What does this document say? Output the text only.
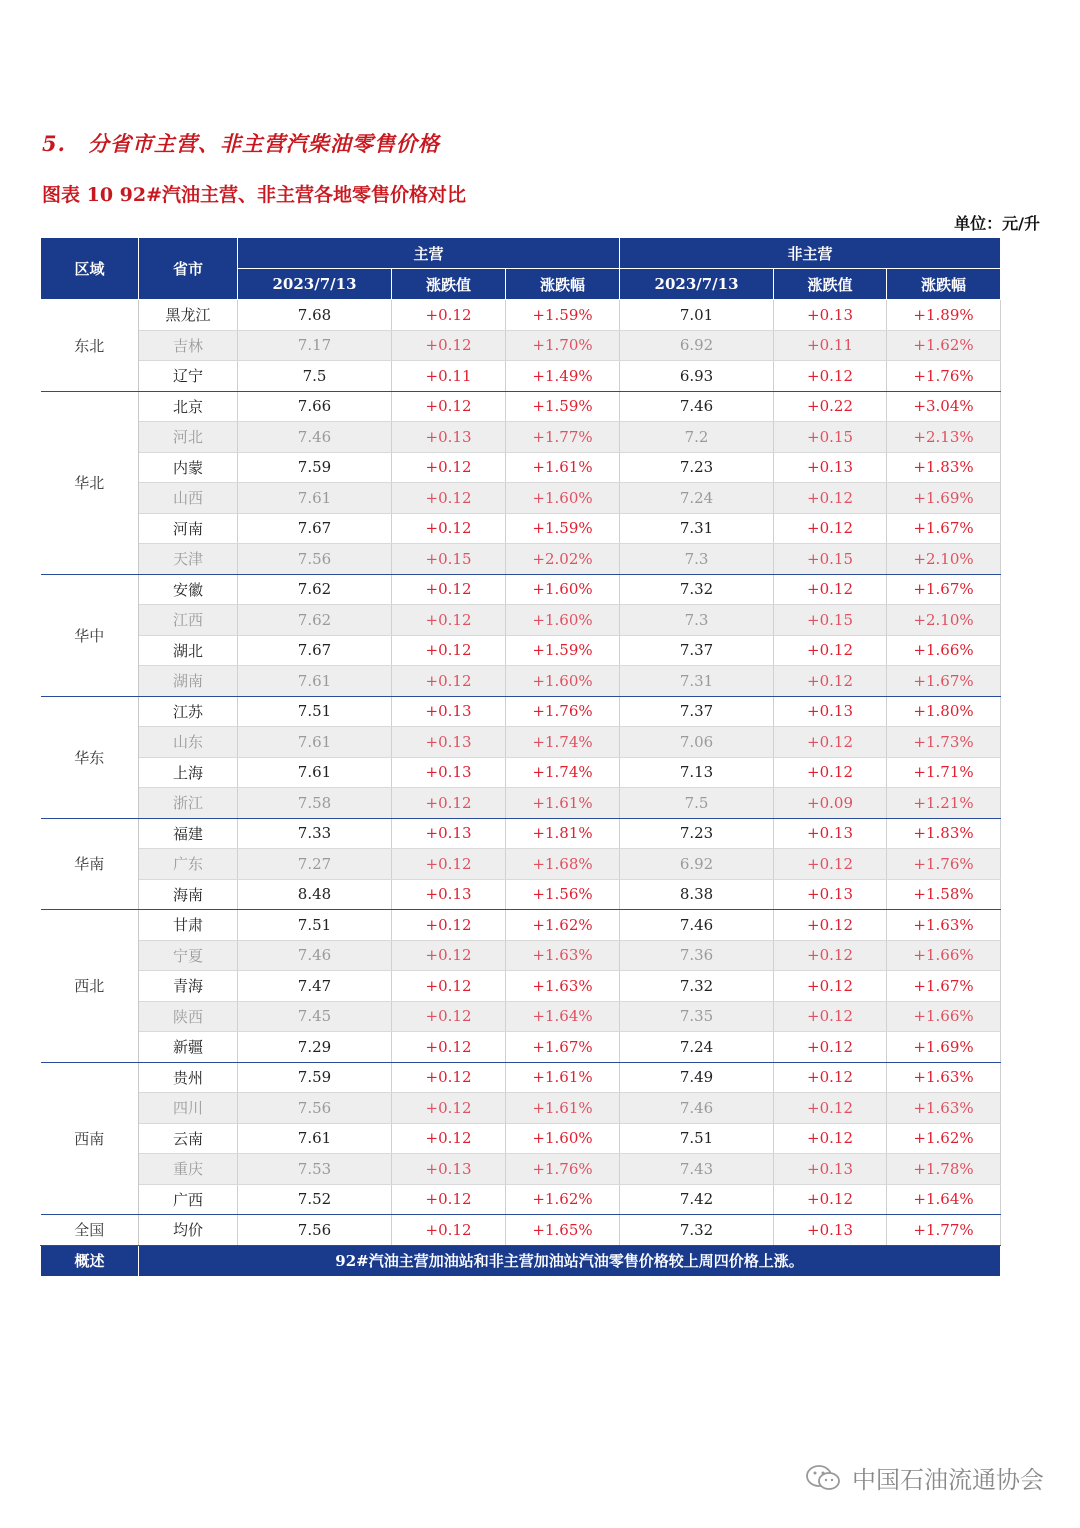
5. 分省市主营、非主营汽柴油零售价格
图表 10 92#汽油主营、非主营各地零售价格对比
单位：元/升
区域	省市	主营			非主营		
		2023/7/13	涨跌值	涨跌幅	2023/7/13	涨跌值	涨跌幅
东北	黑龙江	7.68	+0.12	+1.59%	7.01	+0.13	+1.89%
	吉林	7.17	+0.12	+1.70%	6.92	+0.11	+1.62%
	辽宁	7.5	+0.11	+1.49%	6.93	+0.12	+1.76%
华北	北京	7.66	+0.12	+1.59%	7.46	+0.22	+3.04%
	河北	7.46	+0.13	+1.77%	7.2	+0.15	+2.13%
	内蒙	7.59	+0.12	+1.61%	7.23	+0.13	+1.83%
	山西	7.61	+0.12	+1.60%	7.24	+0.12	+1.69%
	河南	7.67	+0.12	+1.59%	7.31	+0.12	+1.67%
	天津	7.56	+0.15	+2.02%	7.3	+0.15	+2.10%
华中	安徽	7.62	+0.12	+1.60%	7.32	+0.12	+1.67%
	江西	7.62	+0.12	+1.60%	7.3	+0.15	+2.10%
	湖北	7.67	+0.12	+1.59%	7.37	+0.12	+1.66%
	湖南	7.61	+0.12	+1.60%	7.31	+0.12	+1.67%
华东	江苏	7.51	+0.13	+1.76%	7.37	+0.13	+1.80%
	山东	7.61	+0.13	+1.74%	7.06	+0.12	+1.73%
	上海	7.61	+0.13	+1.74%	7.13	+0.12	+1.71%
	浙江	7.58	+0.12	+1.61%	7.5	+0.09	+1.21%
华南	福建	7.33	+0.13	+1.81%	7.23	+0.13	+1.83%
	广东	7.27	+0.12	+1.68%	6.92	+0.12	+1.76%
	海南	8.48	+0.13	+1.56%	8.38	+0.13	+1.58%
西北	甘肃	7.51	+0.12	+1.62%	7.46	+0.12	+1.63%
	宁夏	7.46	+0.12	+1.63%	7.36	+0.12	+1.66%
	青海	7.47	+0.12	+1.63%	7.32	+0.12	+1.67%
	陕西	7.45	+0.12	+1.64%	7.35	+0.12	+1.66%
	新疆	7.29	+0.12	+1.67%	7.24	+0.12	+1.69%
西南	贵州	7.59	+0.12	+1.61%	7.49	+0.12	+1.63%
	四川	7.56	+0.12	+1.61%	7.46	+0.12	+1.63%
	云南	7.61	+0.12	+1.60%	7.51	+0.12	+1.62%
	重庆	7.53	+0.13	+1.76%	7.43	+0.13	+1.78%
	广西	7.52	+0.12	+1.62%	7.42	+0.12	+1.64%
全国	均价	7.56	+0.12	+1.65%	7.32	+0.13	+1.77%
概述	92#汽油主营加油站和非主营加油站汽油零售价格较上周四价格上涨。						
中国石油流通协会
